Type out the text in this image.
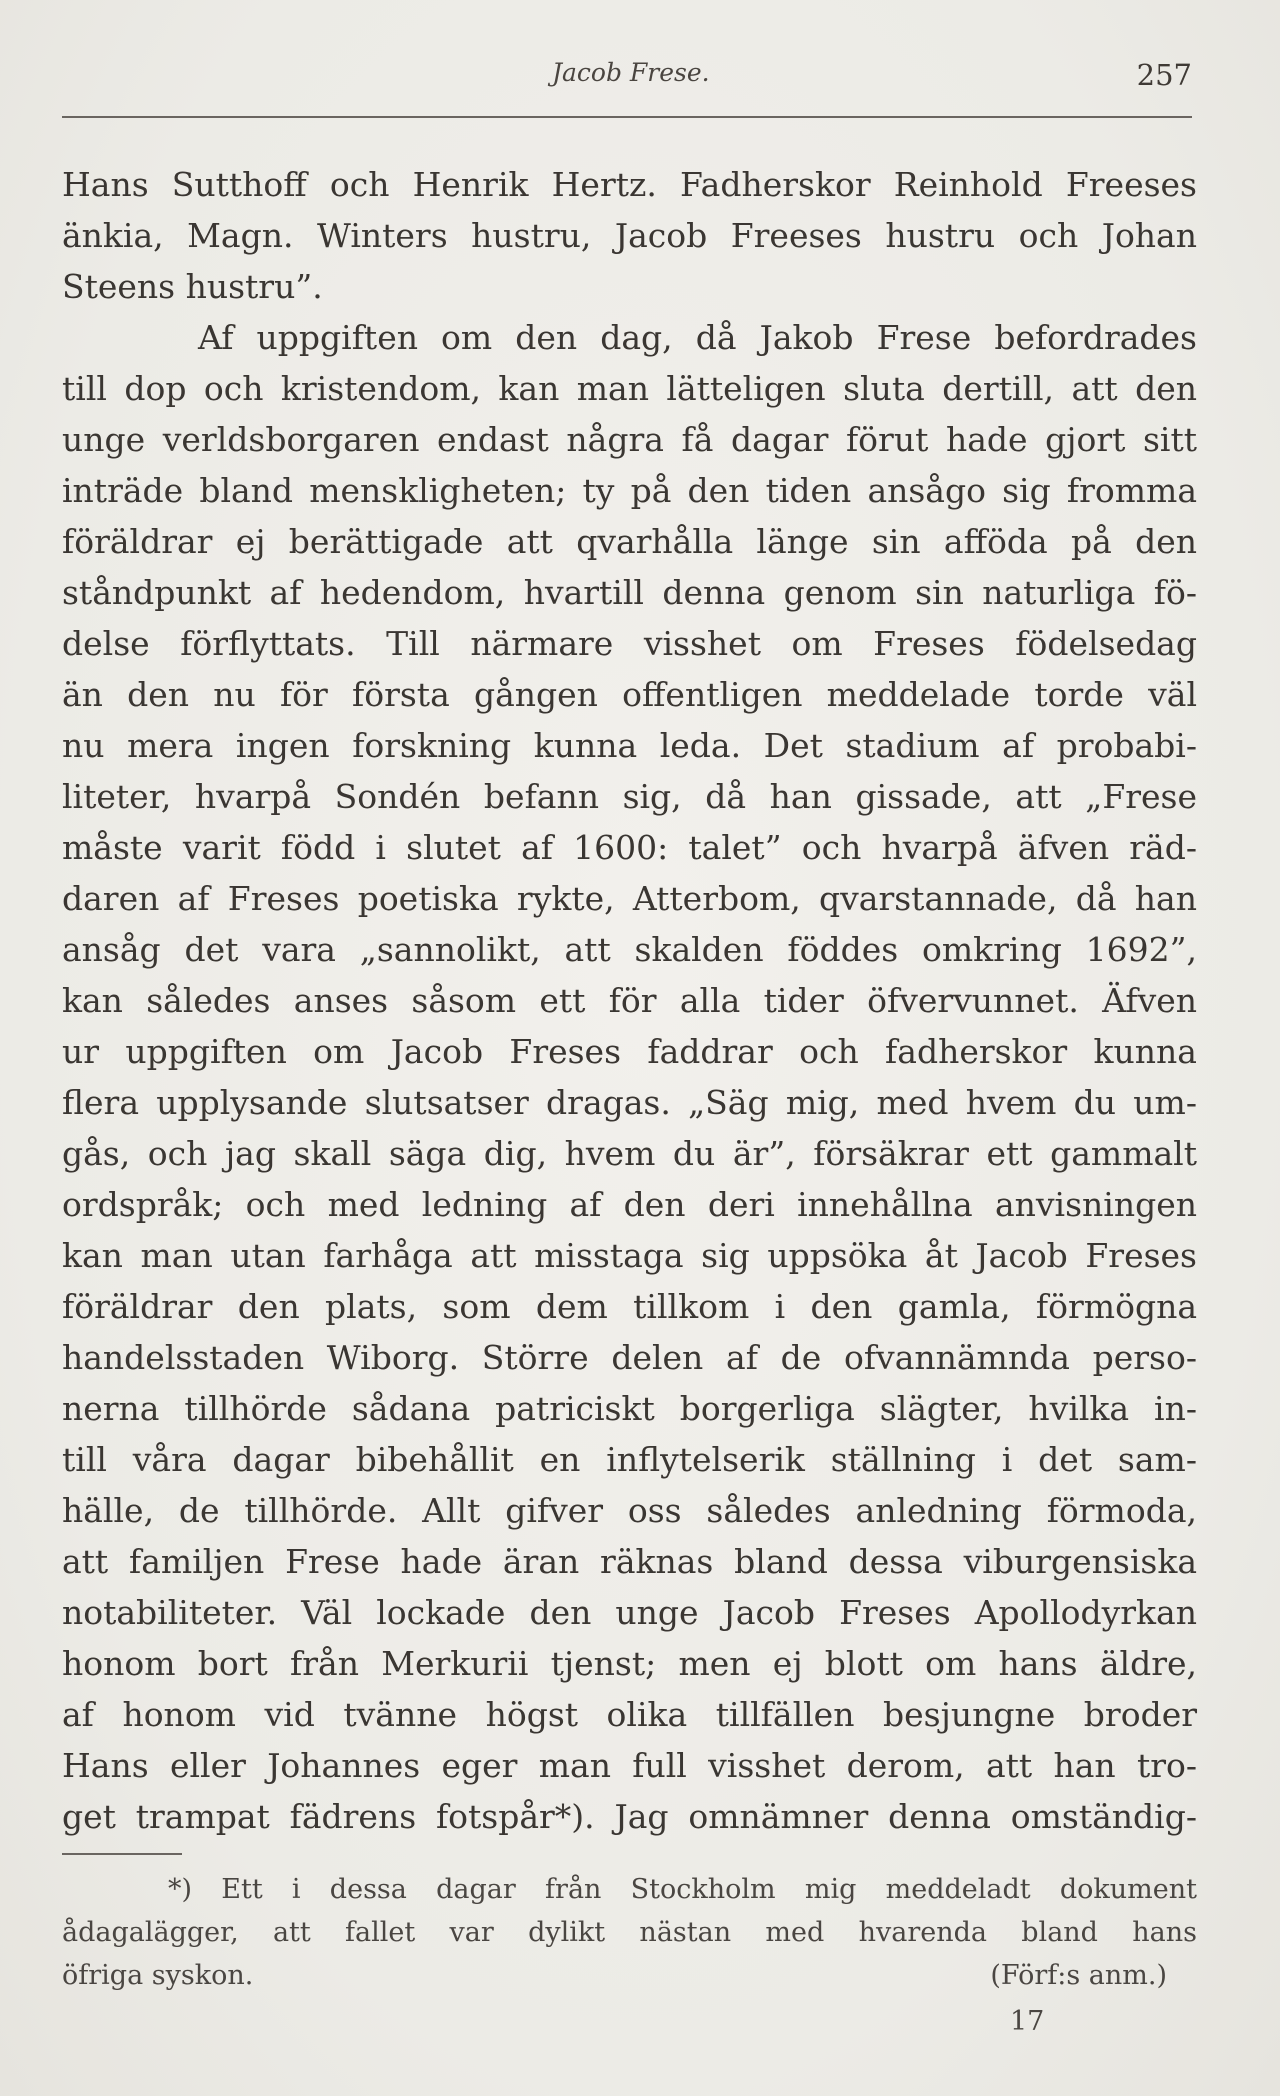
Jacob Frese.	257
Hans Sutthoff och Henrik Hertz. Fadherskor Reinhold Freeses
änkia, Magn. Winters hustru, Jacob Freeses hustru och Johan
Steens hustru”.
Af uppgiften om den dag, då Jakob Frese befordrades
till dop och kristendom, kan man lätteligen sluta dertill, att den
unge verldsborgaren endast några få dagar förut hade gjort sitt
inträde bland menskligheten; ty på den tiden ansågo sig fromma
föräldrar ej berättigade att qvarhålla länge sin afföda på den
ståndpunkt af hedendom, hvartill denna genom sin naturliga fö-
delse förflyttats. Till närmare visshet om Freses födelsedag
än den nu för första gången offentligen meddelade torde väl
nu mera ingen forskning kunna leda. Det stadium af probabi-
liteter, hvarpå Sondén befann sig, då han gissade, att „Frese
måste varit född i slutet af 1600: talet” och hvarpå äfven räd-
daren af Freses poetiska rykte, Atterbom, qvarstannade, då han
ansåg det vara „sannolikt, att skalden föddes omkring 1692”,
kan således anses såsom ett för alla tider öfvervunnet. Äfven
ur uppgiften om Jacob Freses faddrar och fadherskor kunna
flera upplysande slutsatser dragas. „Säg mig, med hvem du um-
gås, och jag skall säga dig, hvem du är”, försäkrar ett gammalt
ordspråk; och med ledning af den deri innehållna anvisningen
kan man utan farhåga att misstaga sig uppsöka åt Jacob Freses
föräldrar den plats, som dem tillkom i den gamla, förmögna
handelsstaden Wiborg. Större delen af de ofvannämnda perso-
nerna tillhörde sådana patriciskt borgerliga slägter, hvilka in-
till våra dagar bibehållit en inflytelserik ställning i det sam-
hälle, de tillhörde. Allt gifver oss således anledning förmoda,
att familjen Frese hade äran räknas bland dessa viburgensiska
notabiliteter. Väl lockade den unge Jacob Freses Apollodyrkan
honom bort från Merkurii tjenst; men ej blott om hans äldre,
af honom vid tvänne högst olika tillfällen besjungne broder
Hans eller Johannes eger man full visshet derom, att han tro-
get trampat fädrens fotspår*). Jag omnämner denna omständig-
*) Ett i dessa dagar från Stockholm mig meddeladt dokument
ådagalägger, att fallet var dylikt nästan med hvarenda bland hans
öfriga syskon.	(Förf:s anm.)
17
